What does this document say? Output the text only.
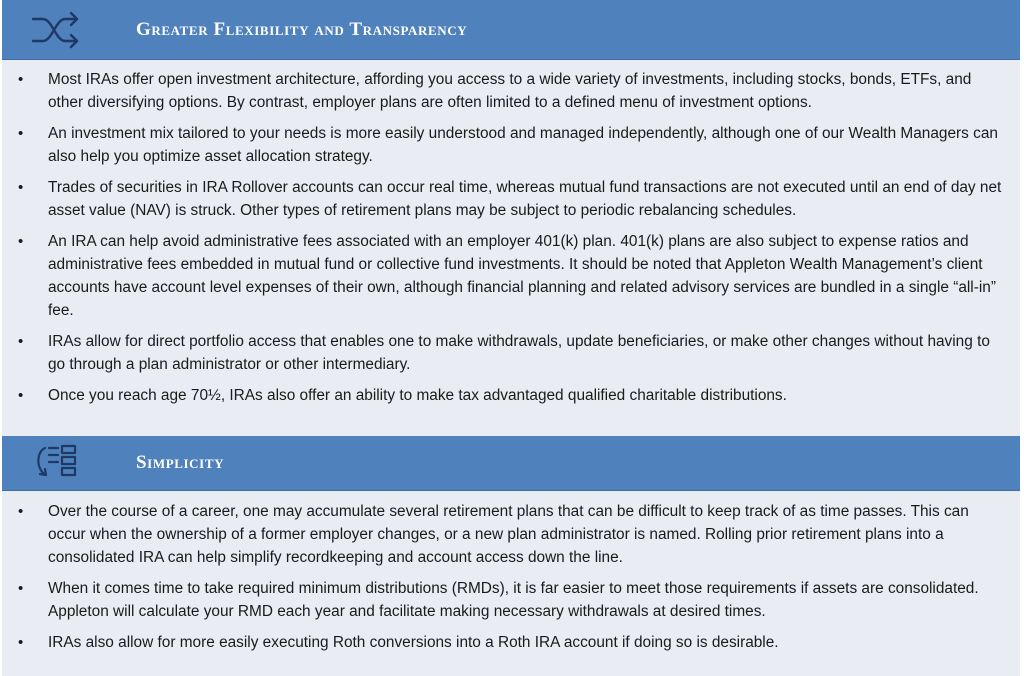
Greater Flexibility and Transparency
• Most IRAs offer open investment architecture, affording you access to a wide variety of investments, including stocks, bonds, ETFs, and other diversifying options. By contrast, employer plans are often limited to a defined menu of investment options.
• An investment mix tailored to your needs is more easily understood and managed independently, although one of our Wealth Managers can also help you optimize asset allocation strategy.
• Trades of securities in IRA Rollover accounts can occur real time, whereas mutual fund transactions are not executed until an end of day net asset value (NAV) is struck. Other types of retirement plans may be subject to periodic rebalancing schedules.
• An IRA can help avoid administrative fees associated with an employer 401(k) plan. 401(k) plans are also subject to expense ratios and administrative fees embedded in mutual fund or collective fund investments. It should be noted that Appleton Wealth Management’s client accounts have account level expenses of their own, although financial planning and related advisory services are bundled in a single “all-in” fee.
• IRAs allow for direct portfolio access that enables one to make withdrawals, update beneficiaries, or make other changes without having to go through a plan administrator or other intermediary.
• Once you reach age 70½, IRAs also offer an ability to make tax advantaged qualified charitable distributions.
Simplicity
• Over the course of a career, one may accumulate several retirement plans that can be difficult to keep track of as time passes. This can occur when the ownership of a former employer changes, or a new plan administrator is named. Rolling prior retirement plans into a consolidated IRA can help simplify recordkeeping and account access down the line.
• When it comes time to take required minimum distributions (RMDs), it is far easier to meet those requirements if assets are consolidated. Appleton will calculate your RMD each year and facilitate making necessary withdrawals at desired times.
• IRAs also allow for more easily executing Roth conversions into a Roth IRA account if doing so is desirable.
